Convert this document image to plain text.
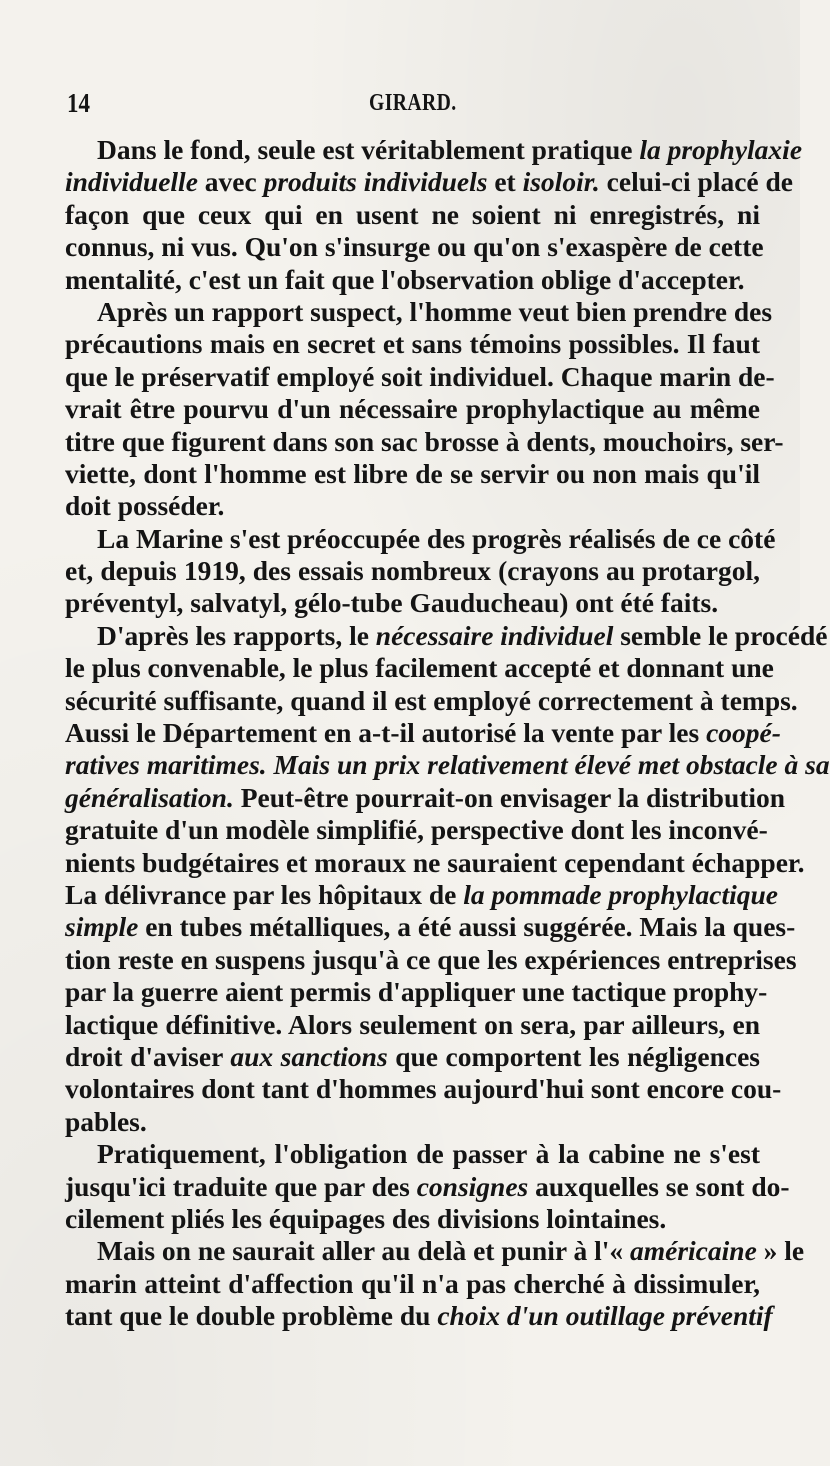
14	GIRARD.
Dans le fond, seule est véritablement pratique la prophylaxie
individuelle avec produits individuels et isoloir. celui-ci placé de
façon que ceux qui en usent ne soient ni enregistrés, ni
connus, ni vus. Qu'on s'insurge ou qu'on s'exaspère de cette
mentalité, c'est un fait que l'observation oblige d'accepter.
Après un rapport suspect, l'homme veut bien prendre des
précautions mais en secret et sans témoins possibles. Il faut
que le préservatif employé soit individuel. Chaque marin de-
vrait être pourvu d'un nécessaire prophylactique au même
titre que figurent dans son sac brosse à dents, mouchoirs, ser-
viette, dont l'homme est libre de se servir ou non mais qu'il
doit posséder.
La Marine s'est préoccupée des progrès réalisés de ce côté
et, depuis 1919, des essais nombreux (crayons au protargol,
préventyl, salvatyl, gélo-tube Gauducheau) ont été faits.
D'après les rapports, le nécessaire individuel semble le procédé
le plus convenable, le plus facilement accepté et donnant une
sécurité suffisante, quand il est employé correctement à temps.
Aussi le Département en a-t-il autorisé la vente par les coopé-
ratives maritimes. Mais un prix relativement élevé met obstacle à sa
généralisation. Peut-être pourrait-on envisager la distribution
gratuite d'un modèle simplifié, perspective dont les inconvé-
nients budgétaires et moraux ne sauraient cependant échapper.
La délivrance par les hôpitaux de la pommade prophylactique
simple en tubes métalliques, a été aussi suggérée. Mais la ques-
tion reste en suspens jusqu'à ce que les expériences entreprises
par la guerre aient permis d'appliquer une tactique prophy-
lactique définitive. Alors seulement on sera, par ailleurs, en
droit d'aviser aux sanctions que comportent les négligences
volontaires dont tant d'hommes aujourd'hui sont encore cou-
pables.
Pratiquement, l'obligation de passer à la cabine ne s'est
jusqu'ici traduite que par des consignes auxquelles se sont do-
cilement pliés les équipages des divisions lointaines.
Mais on ne saurait aller au delà et punir à l'« américaine » le
marin atteint d'affection qu'il n'a pas cherché à dissimuler,
tant que le double problème du choix d'un outillage préventif
